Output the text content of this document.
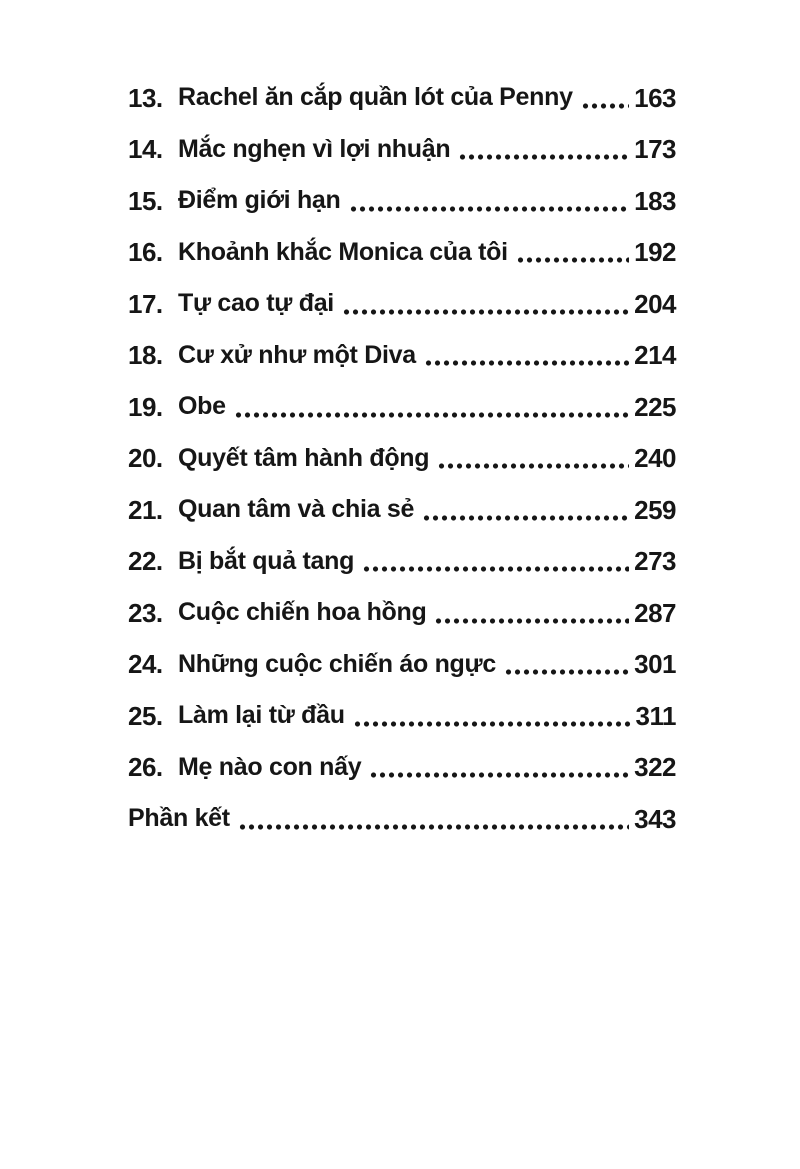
13. Rachel ăn cắp quần lót của Penny	163
14. Mắc nghẹn vì lợi nhuận	173
15. Điểm giới hạn	183
16. Khoảnh khắc Monica của tôi	192
17. Tự cao tự đại	204
18. Cư xử như một Diva	214
19. Obe	225
20. Quyết tâm hành động	240
21. Quan tâm và chia sẻ	259
22. Bị bắt quả tang	273
23. Cuộc chiến hoa hồng	287
24. Những cuộc chiến áo ngực	301
25. Làm lại từ đầu	311
26. Mẹ nào con nấy	322
Phần kết	343
